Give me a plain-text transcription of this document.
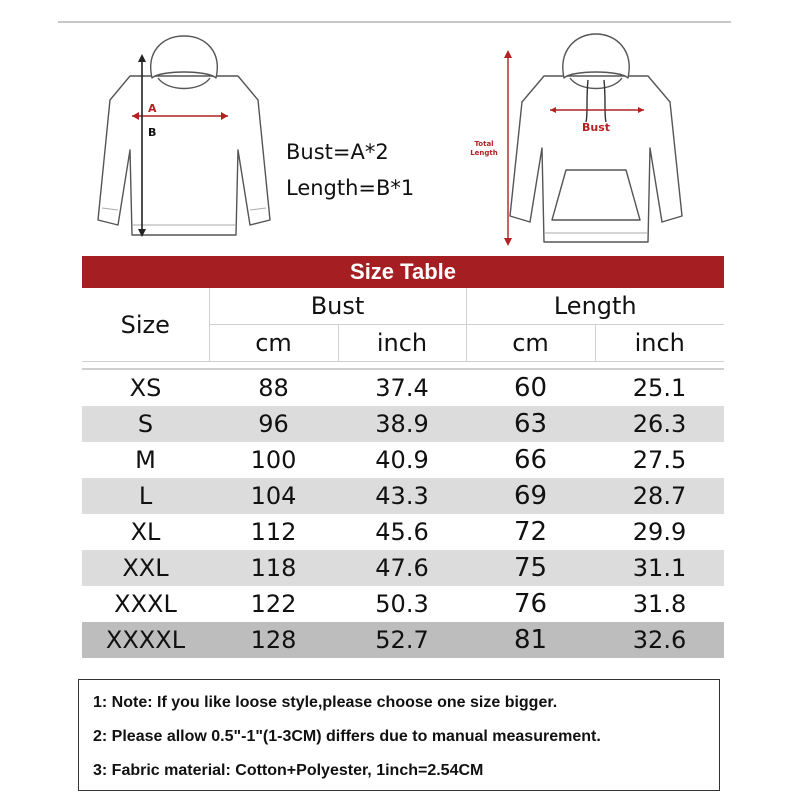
A
B
Bust=A*2
Length=B*1
Bust
Total
Length
Size Table
Size	Bust		Length	
	cm	inch	cm	inch

XS	88	37.4	60	25.1
S	96	38.9	63	26.3
M	100	40.9	66	27.5
L	104	43.3	69	28.7
XL	112	45.6	72	29.9
XXL	118	47.6	75	31.1
XXXL	122	50.3	76	31.8
XXXXL	128	52.7	81	32.6
1: Note: If you like loose style,please choose one size bigger.
2: Please allow 0.5"-1"(1-3CM) differs due to manual measurement.
3: Fabric material: Cotton+Polyester, 1inch=2.54CM
